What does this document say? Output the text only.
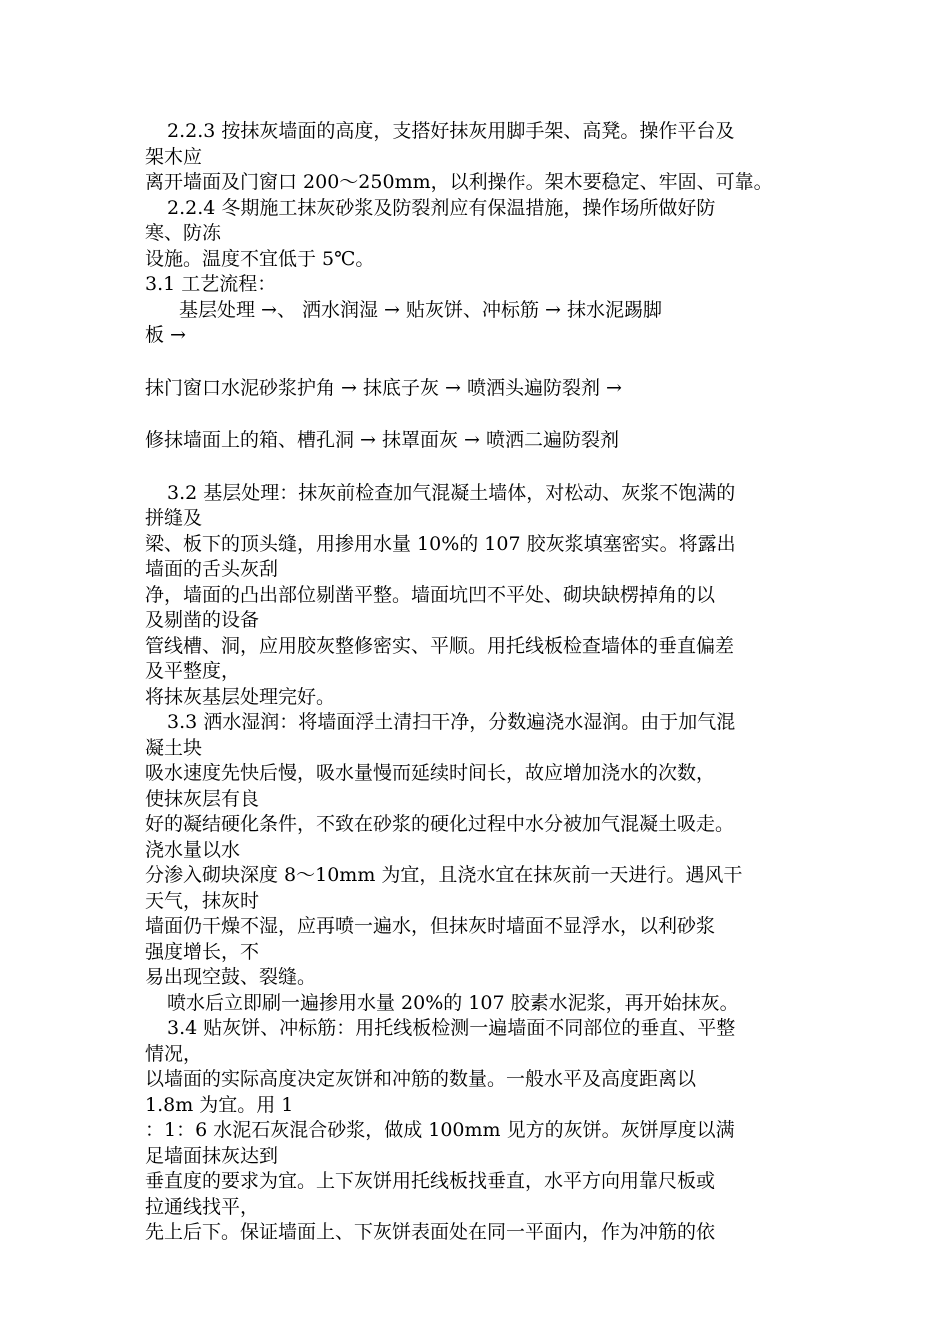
2.2.3 按抹灰墙面的高度，支搭好抹灰用脚手架、高凳。操作平台及
架木应
离开墙面及门窗口 200～250mm，以利操作。架木要稳定、牢固、可靠。
2.2.4 冬期施工抹灰砂浆及防裂剂应有保温措施，操作场所做好防
寒、防冻
设施。温度不宜低于 5℃。
3.1 工艺流程：
基层处理 →、 洒水润湿 → 贴灰饼、冲标筋 → 抹水泥踢脚
板 →
抹门窗口水泥砂浆护角 → 抹底子灰 → 喷洒头遍防裂剂 →
修抹墙面上的箱、槽孔洞 → 抹罩面灰 → 喷洒二遍防裂剂
3.2 基层处理：抹灰前检查加气混凝土墙体，对松动、灰浆不饱满的
拼缝及
梁、板下的顶头缝，用掺用水量 10%的 107 胶灰浆填塞密实。将露出
墙面的舌头灰刮
净，墙面的凸出部位剔凿平整。墙面坑凹不平处、砌块缺楞掉角的以
及剔凿的设备
管线槽、洞，应用胶灰整修密实、平顺。用托线板检查墙体的垂直偏差
及平整度，
将抹灰基层处理完好。
3.3 洒水湿润：将墙面浮土清扫干净，分数遍浇水湿润。由于加气混
凝土块
吸水速度先快后慢，吸水量慢而延续时间长，故应增加浇水的次数，
使抹灰层有良
好的凝结硬化条件，不致在砂浆的硬化过程中水分被加气混凝土吸走。
浇水量以水
分渗入砌块深度 8～10mm 为宜，且浇水宜在抹灰前一天进行。遇风干
天气，抹灰时
墙面仍干燥不湿，应再喷一遍水，但抹灰时墙面不显浮水，以利砂浆
强度增长，不
易出现空鼓、裂缝。
喷水后立即刷一遍掺用水量 20%的 107 胶素水泥浆，再开始抹灰。
3.4 贴灰饼、冲标筋：用托线板检测一遍墙面不同部位的垂直、平整
情况，
以墙面的实际高度决定灰饼和冲筋的数量。一般水平及高度距离以
1.8m 为宜。用 1
：1：6 水泥石灰混合砂浆，做成 100mm 见方的灰饼。灰饼厚度以满
足墙面抹灰达到
垂直度的要求为宜。上下灰饼用托线板找垂直，水平方向用靠尺板或
拉通线找平，
先上后下。保证墙面上、下灰饼表面处在同一平面内，作为冲筋的依
